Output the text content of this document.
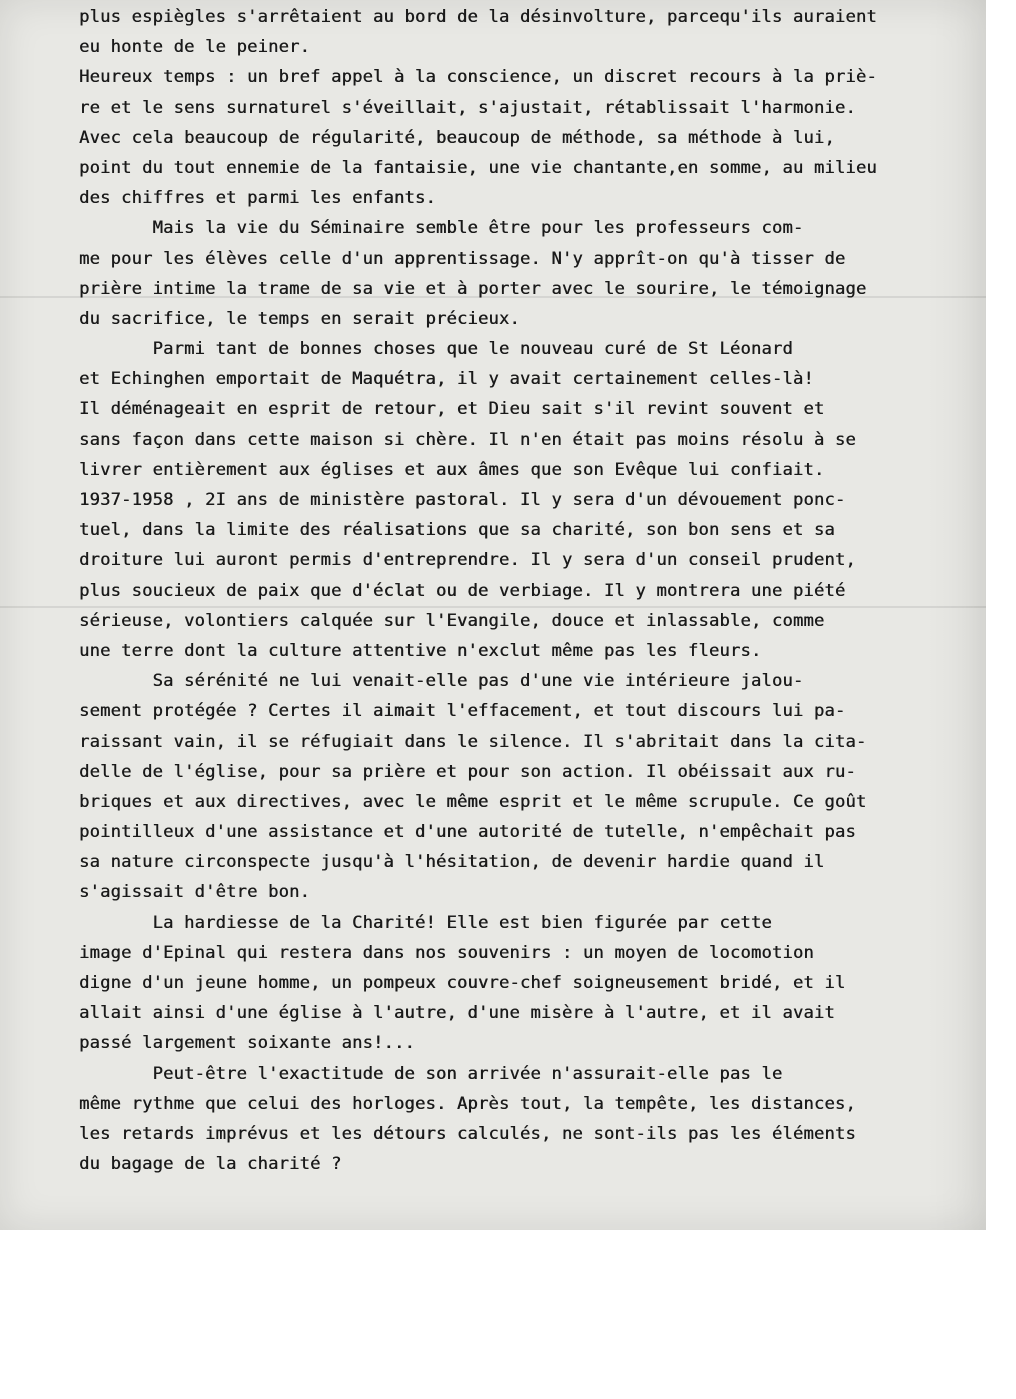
plus espiègles s'arrêtaient au bord de la désinvolture, parcequ'ils auraient
eu honte de le peiner.
Heureux temps : un bref appel à la conscience, un discret recours à la priè-
re et le sens surnaturel s'éveillait, s'ajustait, rétablissait l'harmonie.
Avec cela beaucoup de régularité, beaucoup de méthode, sa méthode à lui,
point du tout ennemie de la fantaisie, une vie chantante,en somme, au milieu
des chiffres et parmi les enfants.
Mais la vie du Séminaire semble être pour les professeurs com-
me pour les élèves celle d'un apprentissage. N'y apprît-on qu'à tisser de
prière intime la trame de sa vie et à porter avec le sourire, le témoignage
du sacrifice, le temps en serait précieux.
Parmi tant de bonnes choses que le nouveau curé de St Léonard
et Echinghen emportait de Maquétra, il y avait certainement celles-là!
Il déménageait en esprit de retour, et Dieu sait s'il revint souvent et
sans façon dans cette maison si chère. Il n'en était pas moins résolu à se
livrer entièrement aux églises et aux âmes que son Evêque lui confiait.
1937-1958 , 2I ans de ministère pastoral. Il y sera d'un dévouement ponc-
tuel, dans la limite des réalisations que sa charité, son bon sens et sa
droiture lui auront permis d'entreprendre. Il y sera d'un conseil prudent,
plus soucieux de paix que d'éclat ou de verbiage. Il y montrera une piété
sérieuse, volontiers calquée sur l'Evangile, douce et inlassable, comme
une terre dont la culture attentive n'exclut même pas les fleurs.
Sa sérénité ne lui venait-elle pas d'une vie intérieure jalou-
sement protégée ? Certes il aimait l'effacement, et tout discours lui pa-
raissant vain, il se réfugiait dans le silence. Il s'abritait dans la cita-
delle de l'église, pour sa prière et pour son action. Il obéissait aux ru-
briques et aux directives, avec le même esprit et le même scrupule. Ce goût
pointilleux d'une assistance et d'une autorité de tutelle, n'empêchait pas
sa nature circonspecte jusqu'à l'hésitation, de devenir hardie quand il
s'agissait d'être bon.
La hardiesse de la Charité! Elle est bien figurée par cette
image d'Epinal qui restera dans nos souvenirs : un moyen de locomotion
digne d'un jeune homme, un pompeux couvre-chef soigneusement bridé, et il
allait ainsi d'une église à l'autre, d'une misère à l'autre, et il avait
passé largement soixante ans!...
Peut-être l'exactitude de son arrivée n'assurait-elle pas le
même rythme que celui des horloges. Après tout, la tempête, les distances,
les retards imprévus et les détours calculés, ne sont-ils pas les éléments
du bagage de la charité ?
